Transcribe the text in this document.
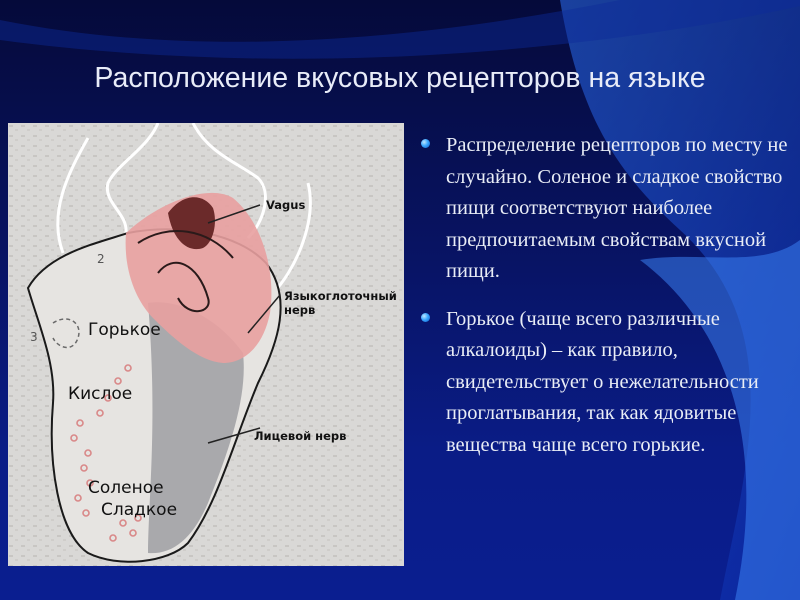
Расположение вкусовых рецепторов на языке
Vagus
Языкоглоточный
нерв
Лицевой нерв
Горькое
Кислое
Соленое
Сладкое
2
3
Распределение рецепторов по месту не случайно. Соленое и сладкое свойство пищи соответствуют наиболее предпочитаемым свойствам вкусной пищи.
Горькое (чаще всего различные алкалоиды) – как правило, свидетельствует о нежелательности проглатывания, так как ядовитые вещества чаще всего горькие.
